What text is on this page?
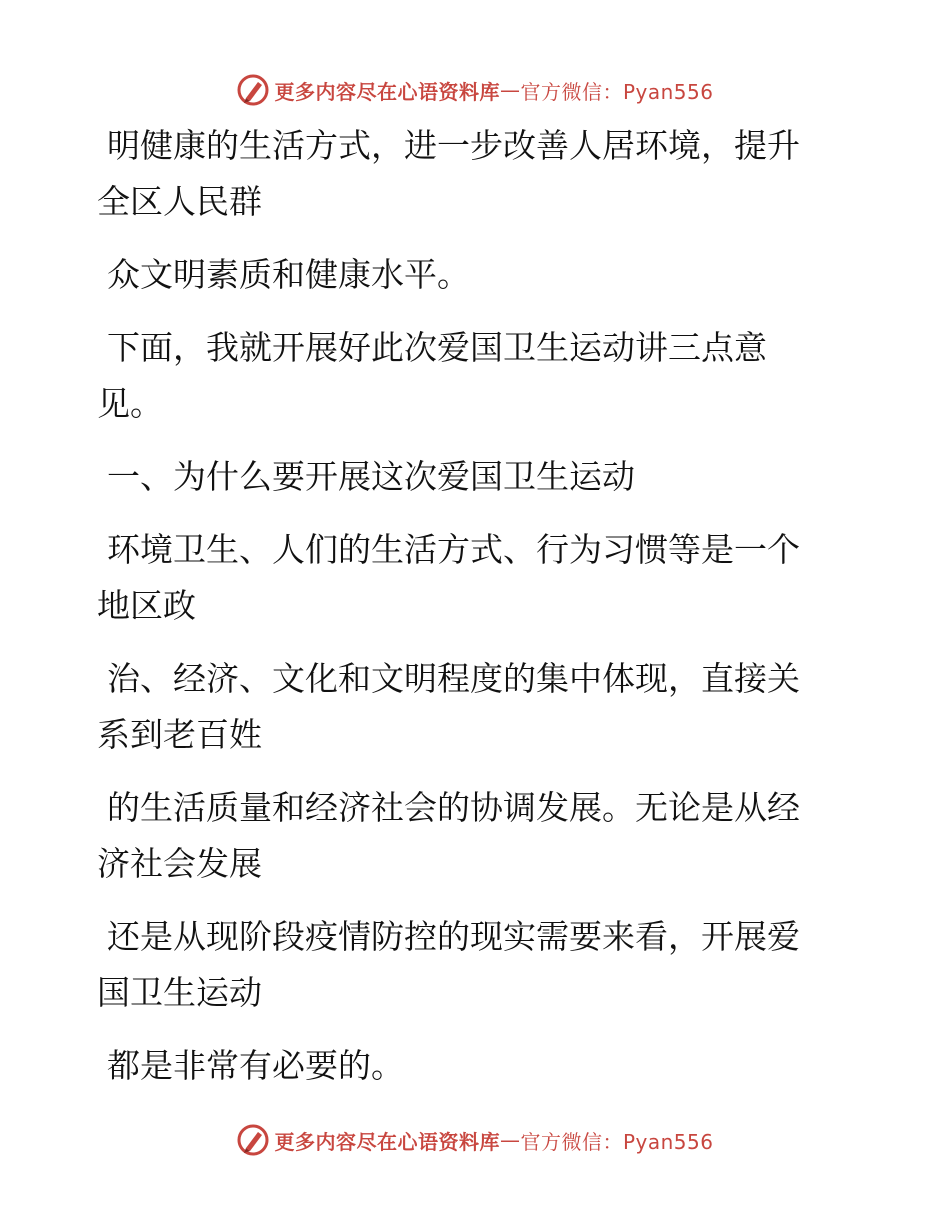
更多内容尽在心语资料库 — 官方微信：Pyan556

明健康的生活方式，进一步改善人居环境，提升
全区人民群

众文明素质和健康水平。

下面，我就开展好此次爱国卫生运动讲三点意
见。

一、为什么要开展这次爱国卫生运动

环境卫生、人们的生活方式、行为习惯等是一个
地区政

治、经济、文化和文明程度的集中体现，直接关
系到老百姓

的生活质量和经济社会的协调发展。无论是从经
济社会发展

还是从现阶段疫情防控的现实需要来看，开展爱
国卫生运动

都是非常有必要的。

更多内容尽在心语资料库 — 官方微信：Pyan556
